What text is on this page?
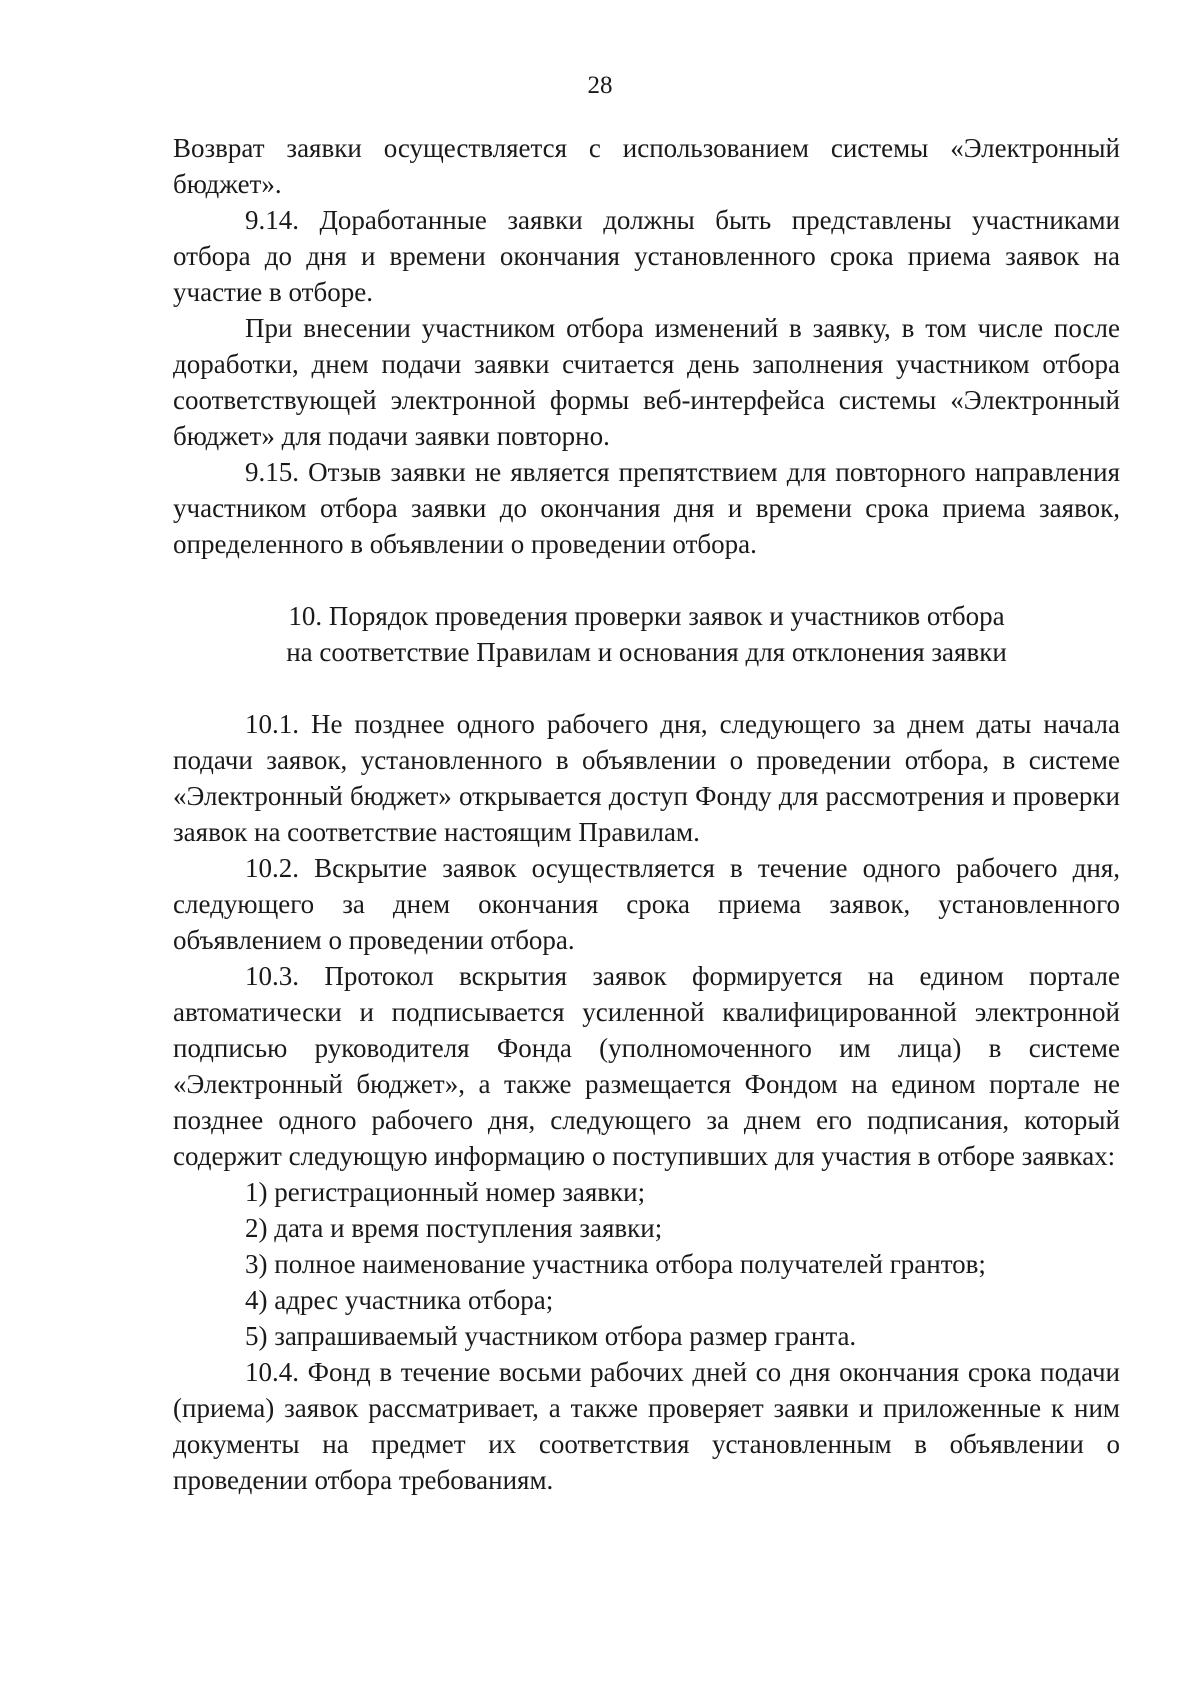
28

Возврат заявки осуществляется с использованием системы «Электронный бюджет».

9.14. Доработанные заявки должны быть представлены участниками отбора до дня и времени окончания установленного срока приема заявок на участие в отборе.

При внесении участником отбора изменений в заявку, в том числе после доработки, днем подачи заявки считается день заполнения участником отбора соответствующей электронной формы веб-интерфейса системы «Электронный бюджет» для подачи заявки повторно.

9.15. Отзыв заявки не является препятствием для повторного направления участником отбора заявки до окончания дня и времени срока приема заявок, определенного в объявлении о проведении отбора.

10. Порядок проведения проверки заявок и участников отбора
на соответствие Правилам и основания для отклонения заявки

10.1. Не позднее одного рабочего дня, следующего за днем даты начала подачи заявок, установленного в объявлении о проведении отбора, в системе «Электронный бюджет» открывается доступ Фонду для рассмотрения и проверки заявок на соответствие настоящим Правилам.

10.2. Вскрытие заявок осуществляется в течение одного рабочего дня, следующего за днем окончания срока приема заявок, установленного объявлением о проведении отбора.

10.3. Протокол вскрытия заявок формируется на едином портале автоматически и подписывается усиленной квалифицированной электронной подписью руководителя Фонда (уполномоченного им лица) в системе «Электронный бюджет», а также размещается Фондом на едином портале не позднее одного рабочего дня, следующего за днем его подписания, который содержит следующую информацию о поступивших для участия в отборе заявках:

1) регистрационный номер заявки;

2) дата и время поступления заявки;

3) полное наименование участника отбора получателей грантов;

4) адрес участника отбора;

5) запрашиваемый участником отбора размер гранта.

10.4. Фонд в течение восьми рабочих дней со дня окончания срока подачи (приема) заявок рассматривает, а также проверяет заявки и приложенные к ним документы на предмет их соответствия установленным в объявлении о проведении отбора требованиям.
